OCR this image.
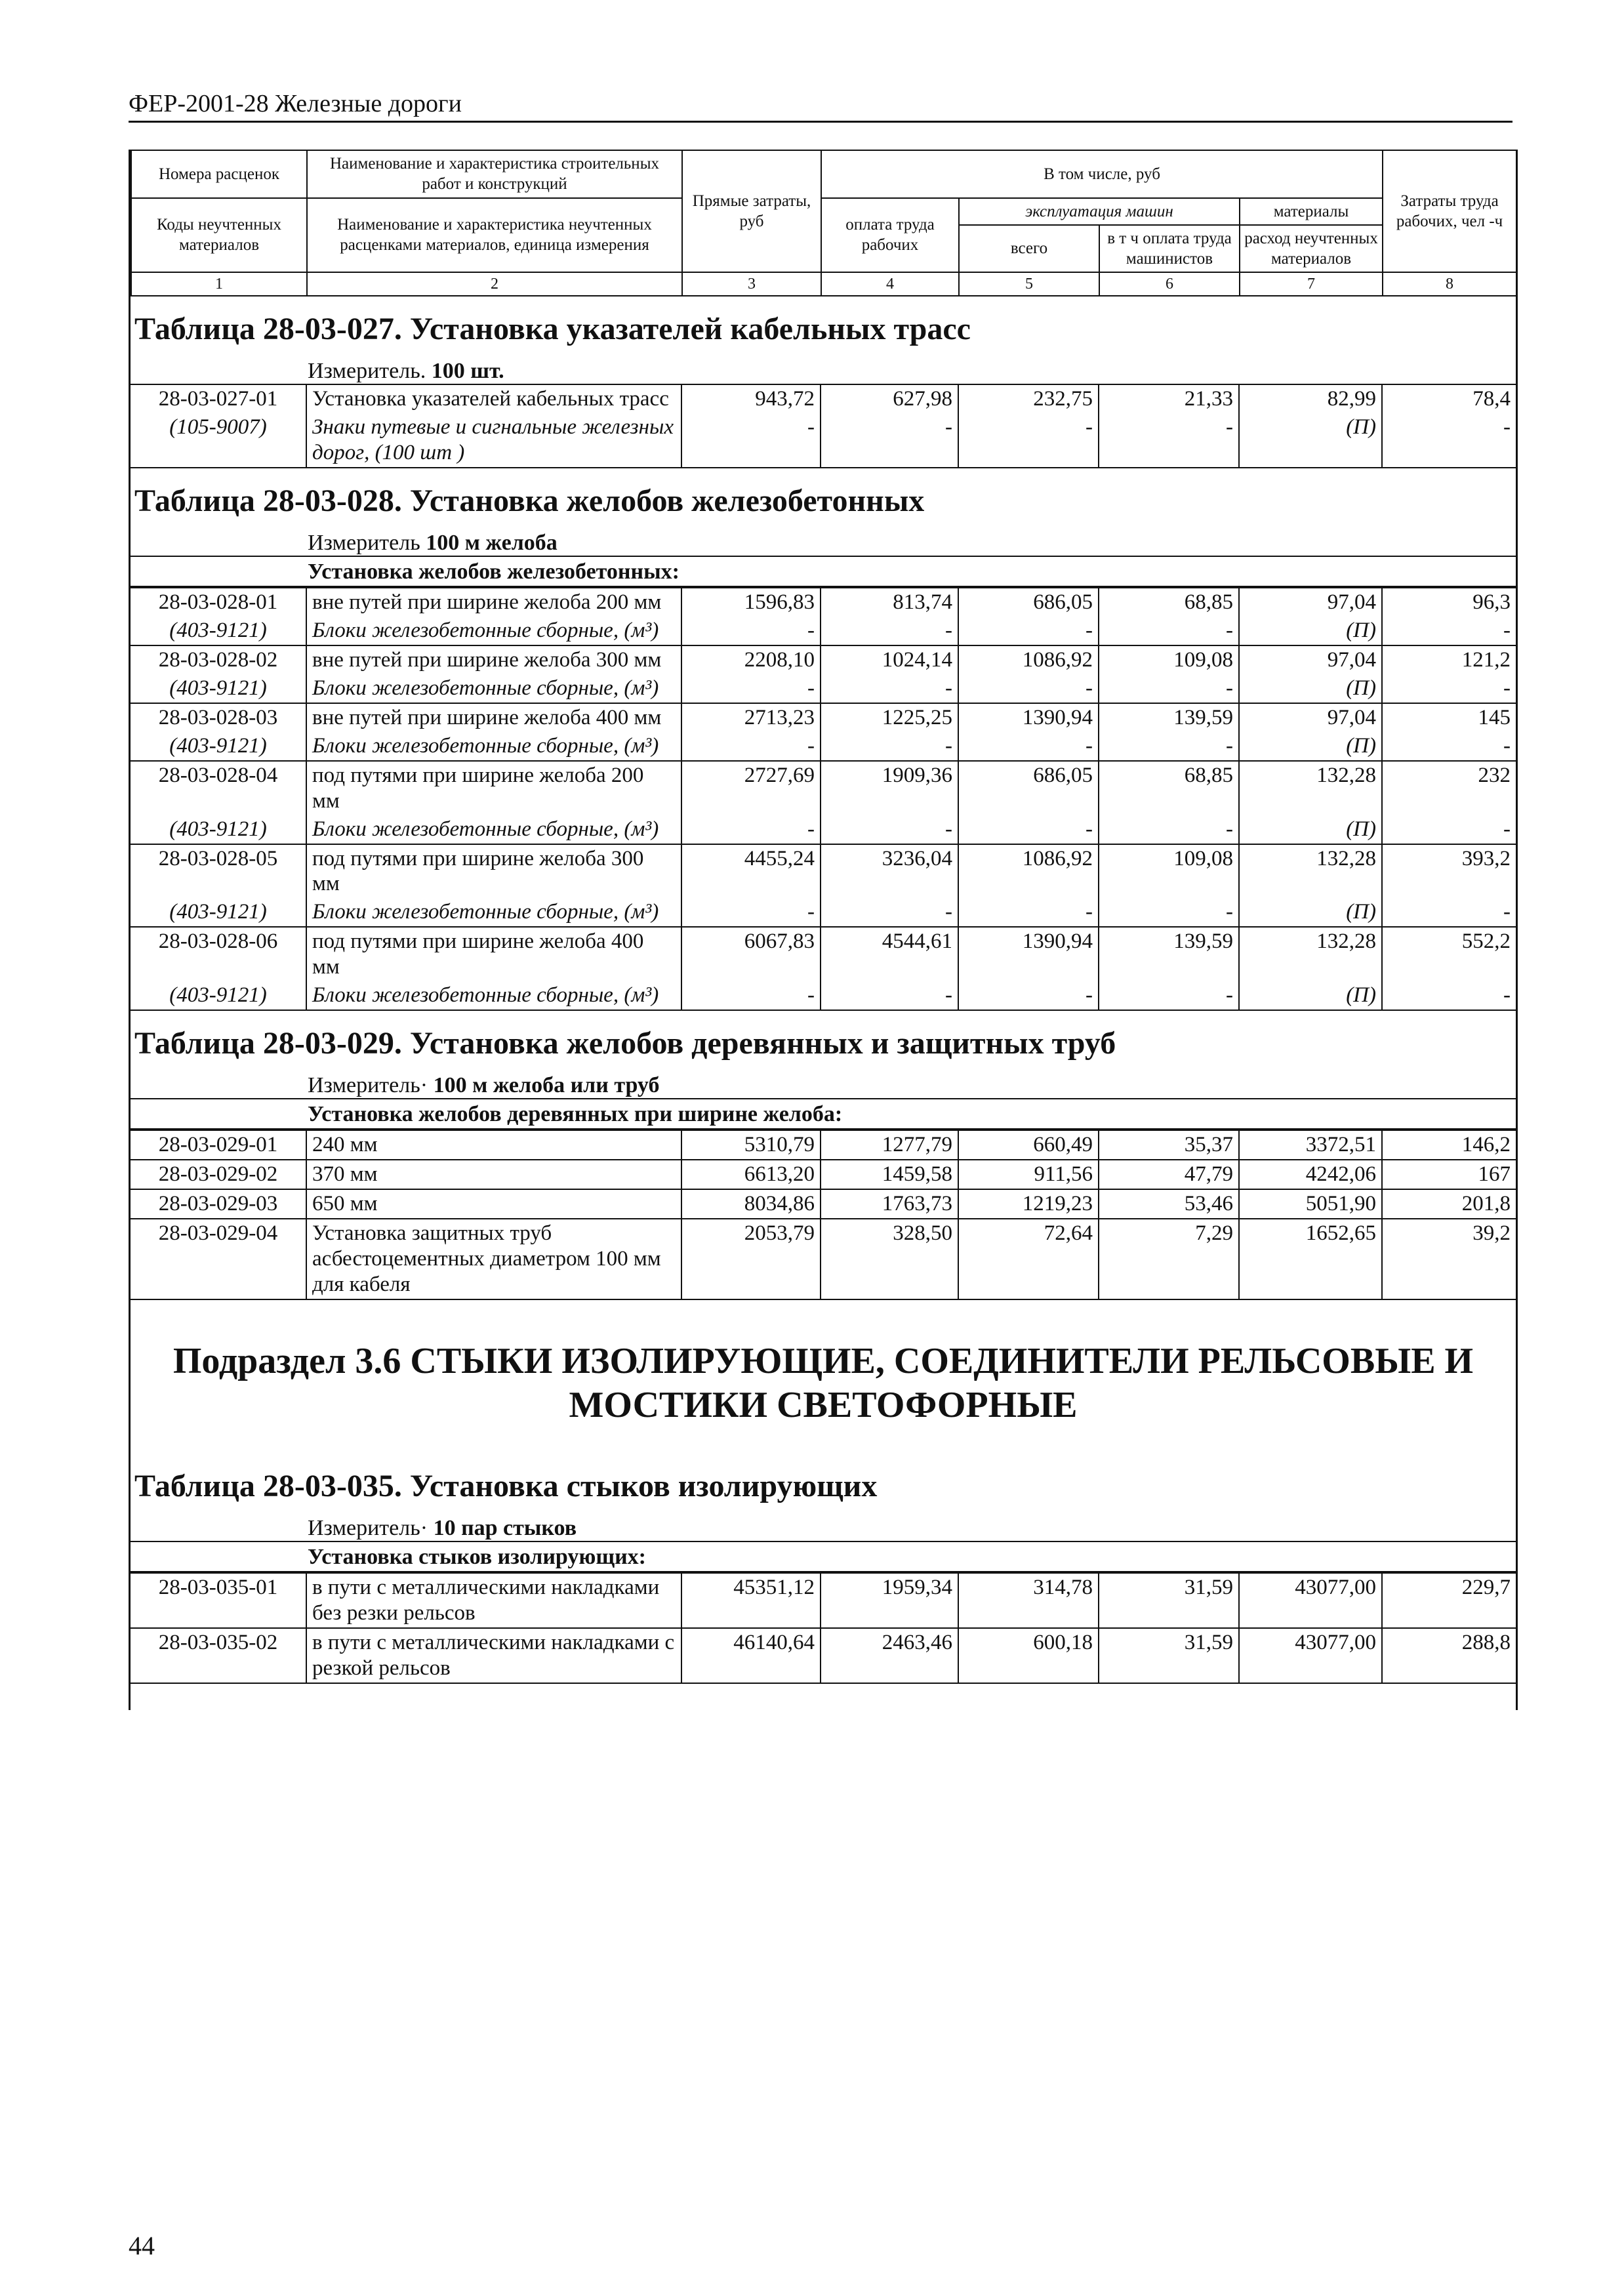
ФЕР-2001-28 Железные дороги
Номера расценок	Наименование и характеристика строительных работ и конструкций	Прямые затраты, руб	В том числе, руб				Затраты труда рабочих, чел -ч
Коды неучтенных материалов	Наименование и характеристика неучтенных расценками материалов, единица измерения		оплата труда рабочих	эксплуатация машин		материалы	
				всего	в т ч оплата труда машинистов	расход неучтенных материалов	
1	2	3	4	5	6	7	8
Таблица 28-03-027. Установка указателей кабельных трасс
Измеритель. 100 шт.
28-03-027-01	Установка указателей кабельных трасс	943,72	627,98	232,75	21,33	82,99	78,4
(105-9007)	Знаки путевые и сигнальные железных дорог, (100 шт )	-	-	-	-	(П)	-
Таблица 28-03-028. Установка желобов железобетонных
Измеритель 100 м желоба
Установка желобов железобетонных:
28-03-028-01	вне путей при ширине желоба 200 мм	1596,83	813,74	686,05	68,85	97,04	96,3
(403-9121)	Блоки железобетонные сборные, (м³)	-	-	-	-	(П)	-
28-03-028-02	вне путей при ширине желоба 300 мм	2208,10	1024,14	1086,92	109,08	97,04	121,2
(403-9121)	Блоки железобетонные сборные, (м³)	-	-	-	-	(П)	-
28-03-028-03	вне путей при ширине желоба 400 мм	2713,23	1225,25	1390,94	139,59	97,04	145
(403-9121)	Блоки железобетонные сборные, (м³)	-	-	-	-	(П)	-
28-03-028-04	под путями при ширине желоба 200 мм	2727,69	1909,36	686,05	68,85	132,28	232
(403-9121)	Блоки железобетонные сборные, (м³)	-	-	-	-	(П)	-
28-03-028-05	под путями при ширине желоба 300 мм	4455,24	3236,04	1086,92	109,08	132,28	393,2
(403-9121)	Блоки железобетонные сборные, (м³)	-	-	-	-	(П)	-
28-03-028-06	под путями при ширине желоба 400 мм	6067,83	4544,61	1390,94	139,59	132,28	552,2
(403-9121)	Блоки железобетонные сборные, (м³)	-	-	-	-	(П)	-
Таблица 28-03-029. Установка желобов деревянных и защитных труб
Измеритель· 100 м желоба или труб
Установка желобов деревянных при ширине желоба:
28-03-029-01	240 мм	5310,79	1277,79	660,49	35,37	3372,51	146,2
28-03-029-02	370 мм	6613,20	1459,58	911,56	47,79	4242,06	167
28-03-029-03	650 мм	8034,86	1763,73	1219,23	53,46	5051,90	201,8
28-03-029-04	Установка защитных труб асбестоцементных диаметром 100 мм для кабеля	2053,79	328,50	72,64	7,29	1652,65	39,2
Подраздел 3.6 СТЫКИ ИЗОЛИРУЮЩИЕ, СОЕДИНИТЕЛИ РЕЛЬСОВЫЕ И МОСТИКИ СВЕТОФОРНЫЕ
Таблица 28-03-035. Установка стыков изолирующих
Измеритель· 10 пар стыков
Установка стыков изолирующих:
28-03-035-01	в пути с металлическими накладками без резки рельсов	45351,12	1959,34	314,78	31,59	43077,00	229,7
28-03-035-02	в пути с металлическими накладками с резкой рельсов	46140,64	2463,46	600,18	31,59	43077,00	288,8
44
